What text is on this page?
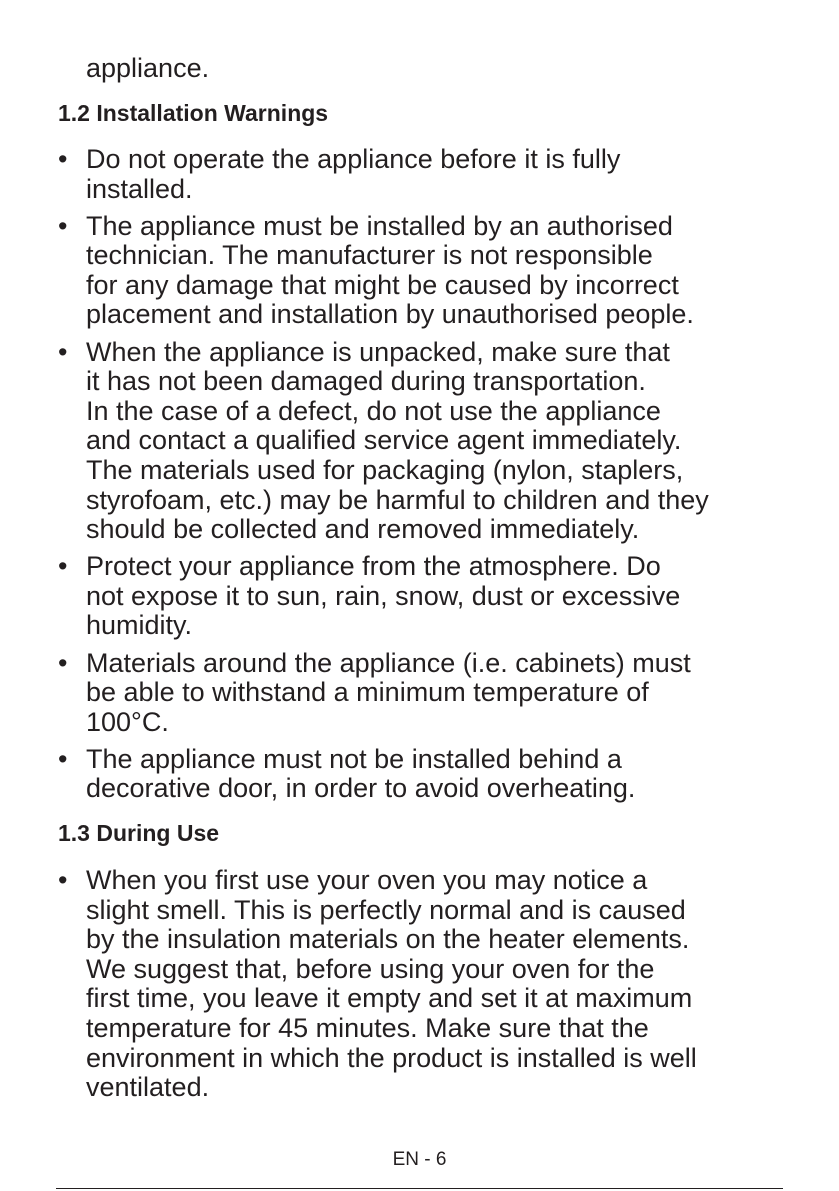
appliance.

1.2 Installation Warnings
• Do not operate the appliance before it is fully
installed.
• The appliance must be installed by an authorised
technician. The manufacturer is not responsible
for any damage that might be caused by incorrect
placement and installation by unauthorised people.
• When the appliance is unpacked, make sure that
it has not been damaged during transportation.
In the case of a defect, do not use the appliance
and contact a qualified service agent immediately.
The materials used for packaging (nylon, staplers,
styrofoam, etc.) may be harmful to children and they
should be collected and removed immediately.
• Protect your appliance from the atmosphere. Do
not expose it to sun, rain, snow, dust or excessive
humidity.
• Materials around the appliance (i.e. cabinets) must
be able to withstand a minimum temperature of
100°C.
• The appliance must not be installed behind a
decorative door, in order to avoid overheating.
1.3 During Use
• When you first use your oven you may notice a
slight smell. This is perfectly normal and is caused
by the insulation materials on the heater elements.
We suggest that, before using your oven for the
first time, you leave it empty and set it at maximum
temperature for 45 minutes. Make sure that the
environment in which the product is installed is well
ventilated.
EN - 6
